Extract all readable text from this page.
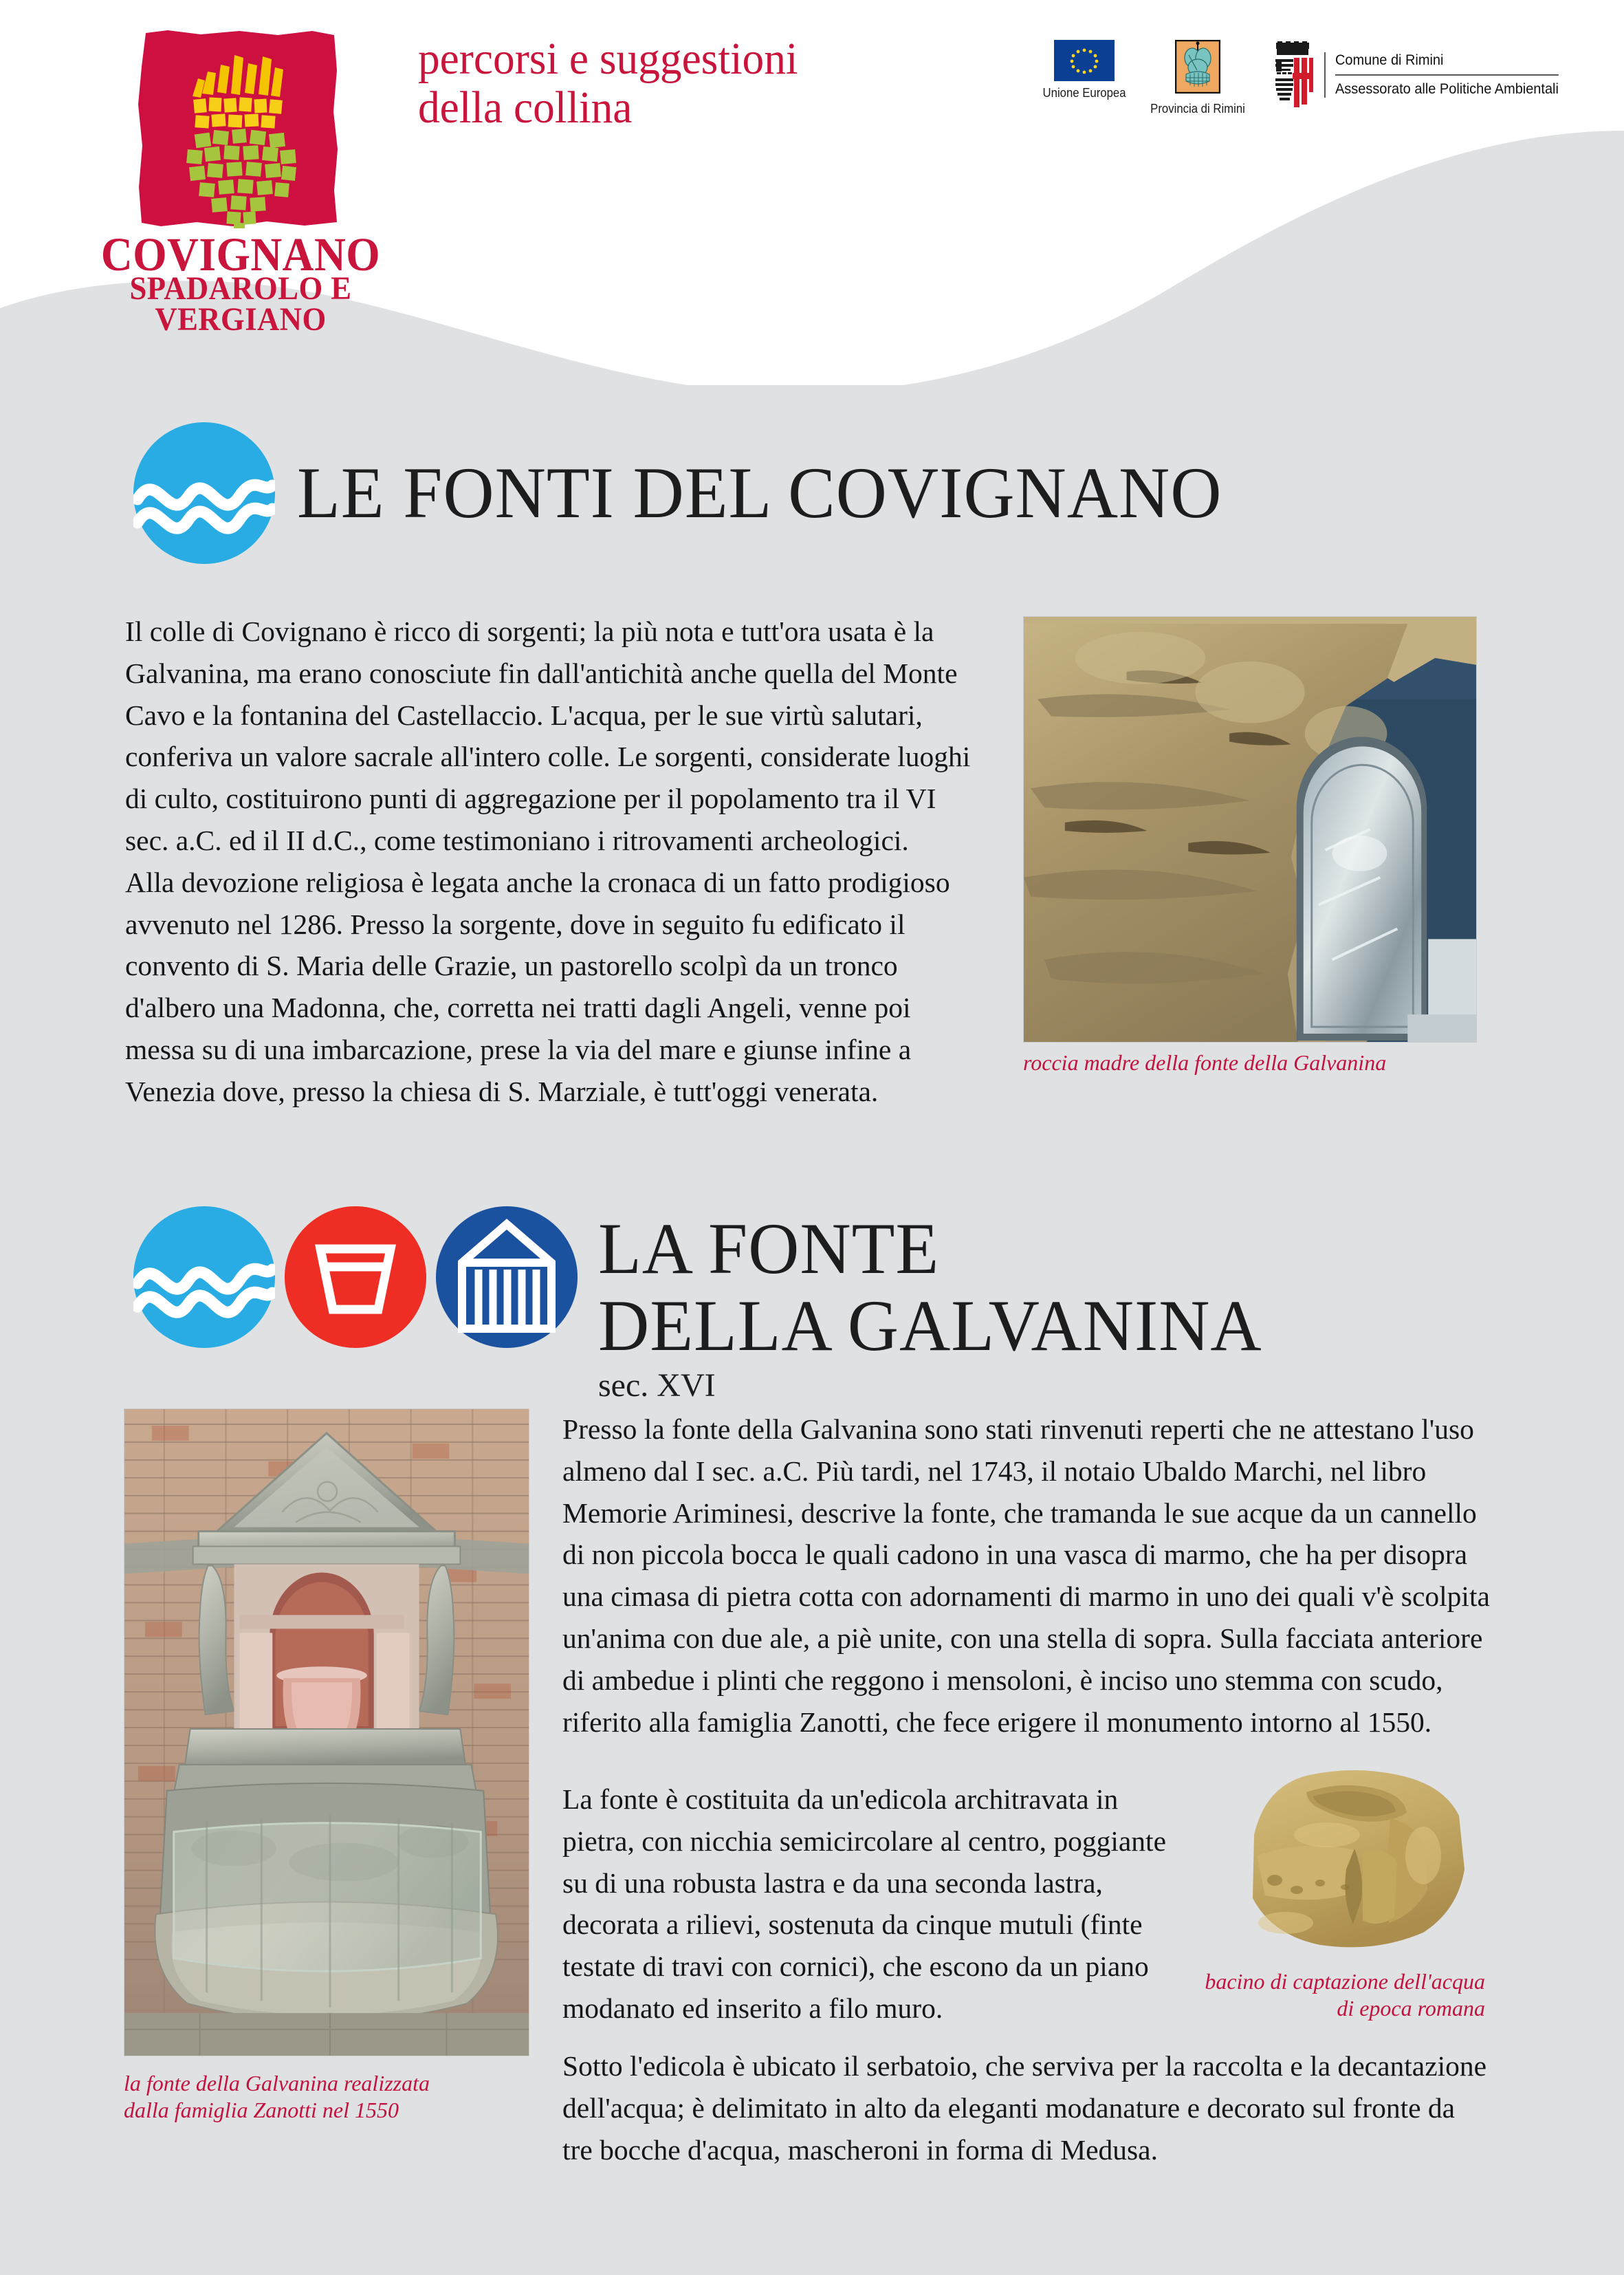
COVIGNANO
SPADAROLO E VERGIANO
percorsi e suggestioni
della collina	Unione Europea
Provincia di Rimini
Comune di Rimini
Assessorato alle Politiche Ambientali
LE FONTI DEL COVIGNANO

Il colle di Covignano è ricco di sorgenti; la più nota e tutt'ora usata è la Galvanina, ma erano conosciute fin dall'antichità anche quella del Monte Cavo e la fontanina del Castellaccio. L'acqua, per le sue virtù salutari, conferiva un valore sacrale all'intero colle. Le sorgenti, considerate luoghi di culto, costituirono punti di aggregazione per il popolamento tra il VI sec. a.C. ed il II d.C., come testimoniano i ritrovamenti archeologici.

Alla devozione religiosa è legata anche la cronaca di un fatto prodigioso avvenuto nel 1286. Presso la sorgente, dove in seguito fu edificato il convento di S. Maria delle Grazie, un pastorello scolpì da un tronco d'albero una Madonna, che, corretta nei tratti dagli Angeli, venne poi messa su di una imbarcazione, prese la via del mare e giunse infine a Venezia dove, presso la chiesa di S. Marziale, è tutt'oggi venerata.

roccia madre della fonte della Galvanina
LA FONTE
DELLA GALVANINA
sec. XVI
la fonte della Galvanina realizzata
dalla famiglia Zanotti nel 1550

Presso la fonte della Galvanina sono stati rinvenuti reperti che ne attestano l'uso almeno dal I sec. a.C. Più tardi, nel 1743, il notaio Ubaldo Marchi, nel libro Memorie Ariminesi, descrive la fonte, che tramanda le sue acque da un cannello di non piccola bocca le quali cadono in una vasca di marmo, che ha per disopra una cimasa di pietra cotta con adornamenti di marmo in uno dei quali v'è scolpita un'anima con due ale, a piè unite, con una stella di sopra. Sulla facciata anteriore di ambedue i plinti che reggono i mensoloni, è inciso uno stemma con scudo, riferito alla famiglia Zanotti, che fece erigere il monumento intorno al 1550.

La fonte è costituita da un'edicola architravata in pietra, con nicchia semicircolare al centro, poggiante su di una robusta lastra e da una seconda lastra, decorata a rilievi, sostenuta da cinque mutuli (finte testate di travi con cornici), che escono da un piano modanato ed inserito a filo muro.

bacino di captazione dell'acqua
di epoca romana

Sotto l'edicola è ubicato il serbatoio, che serviva per la raccolta e la decantazione dell'acqua; è delimitato in alto da eleganti modanature e decorato sul fronte da tre bocche d'acqua, mascheroni in forma di Medusa.
